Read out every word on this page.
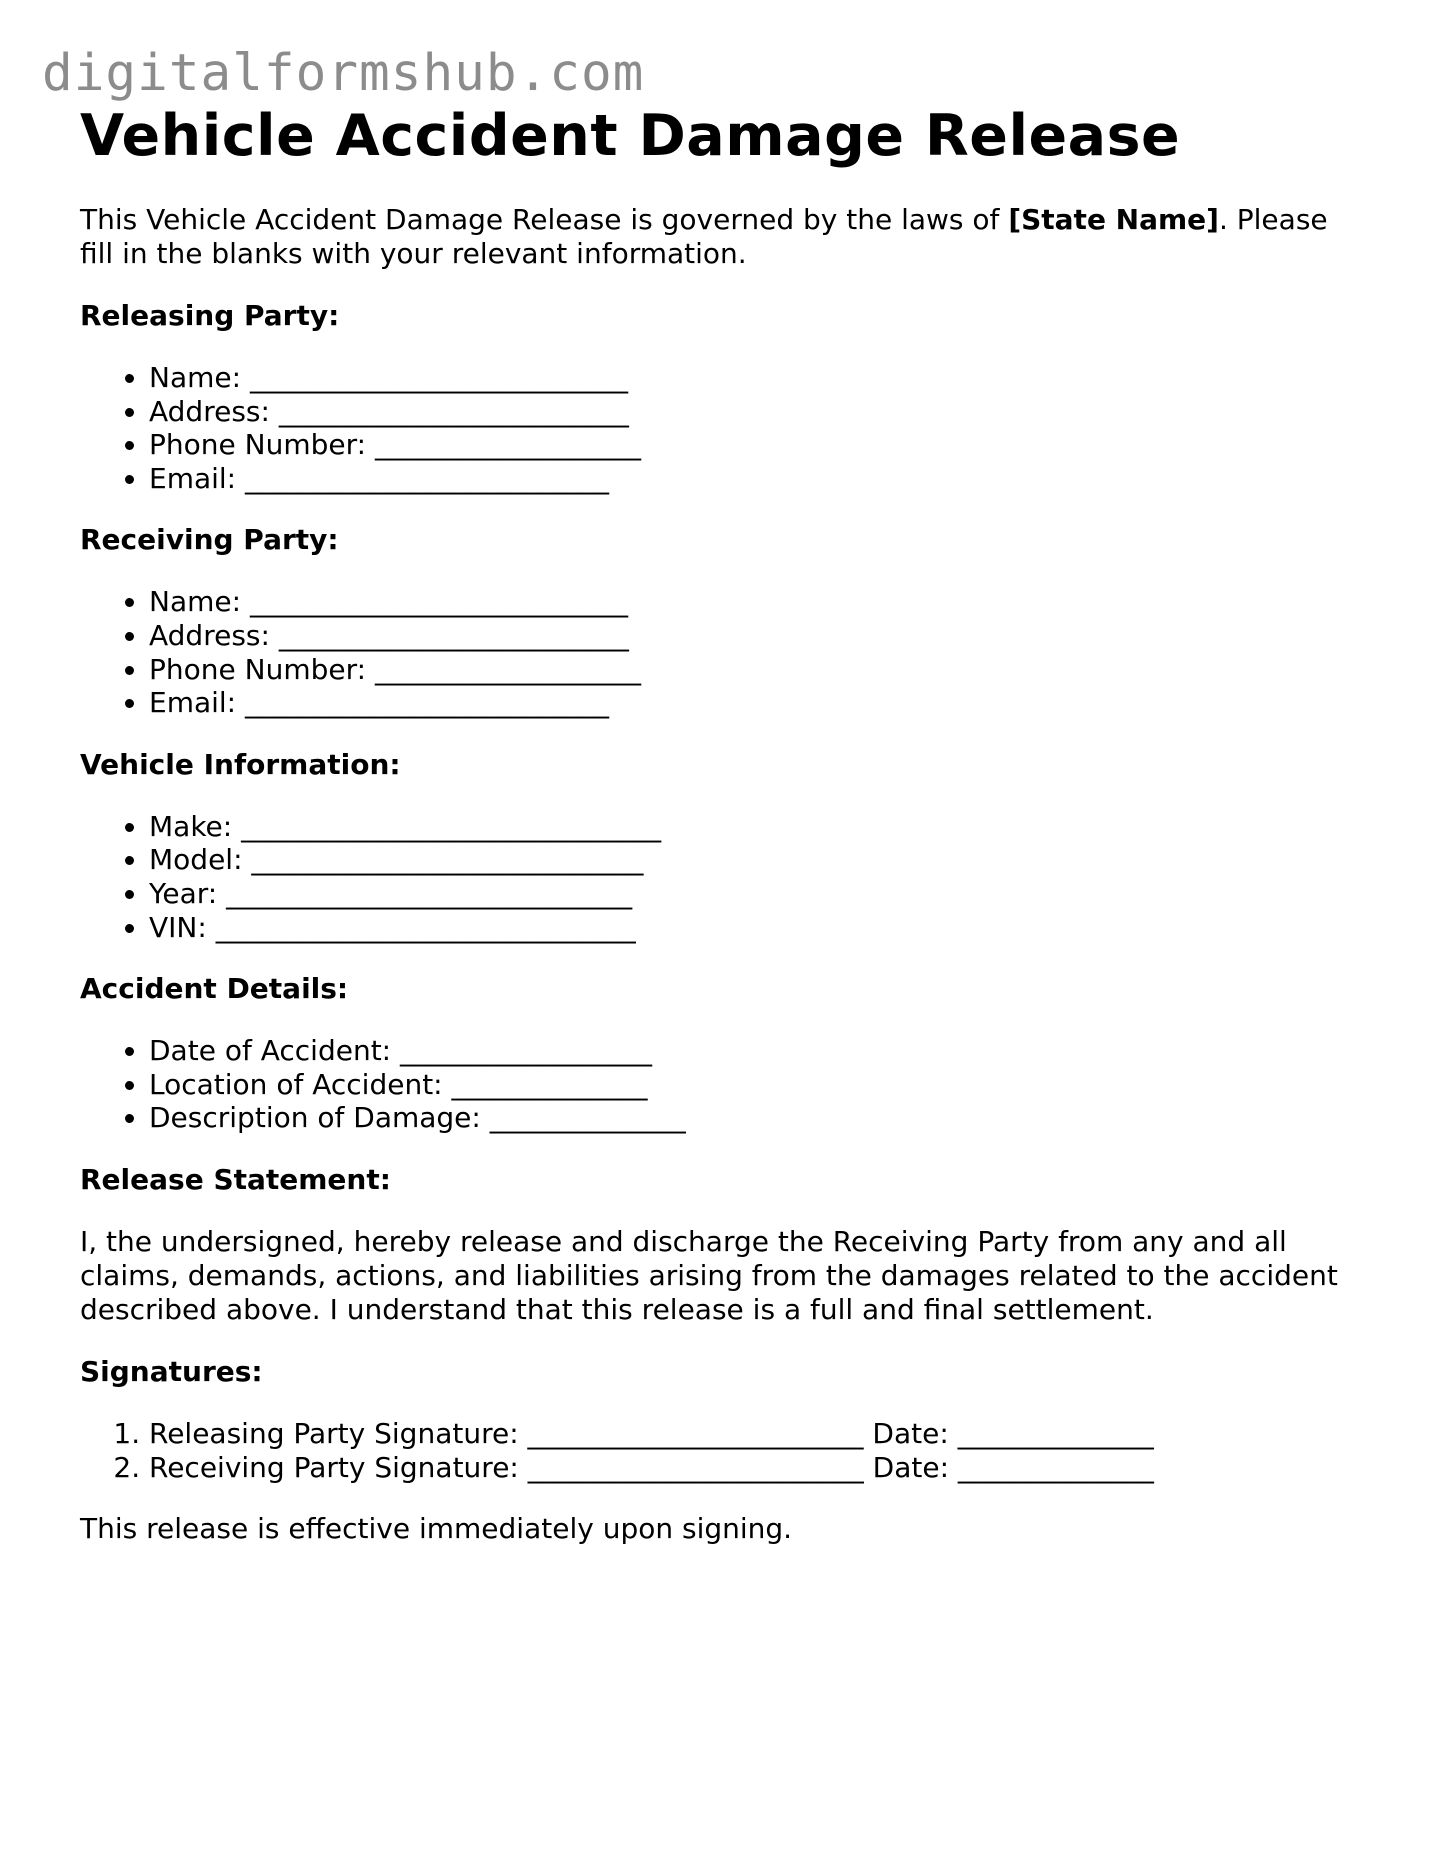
digitalformshub.com
Vehicle Accident Damage Release

This Vehicle Accident Damage Release is governed by the laws of [State Name]. Please fill in the blanks with your relevant information.

Releasing Party:
• Name: ___________________________
• Address: _________________________
• Phone Number: ___________________
• Email: __________________________
Receiving Party:
• Name: ___________________________
• Address: _________________________
• Phone Number: ___________________
• Email: __________________________
Vehicle Information:
• Make: ______________________________
• Model: ____________________________
• Year: _____________________________
• VIN: ______________________________
Accident Details:
• Date of Accident: __________________
• Location of Accident: ______________
• Description of Damage: ______________
Release Statement:

I, the undersigned, hereby release and discharge the Receiving Party from any and all claims, demands, actions, and liabilities arising from the damages related to the accident described above. I understand that this release is a full and final settlement.

Signatures:
1. Releasing Party Signature: ________________________ Date: ______________
2. Receiving Party Signature: ________________________ Date: ______________

This release is effective immediately upon signing.
